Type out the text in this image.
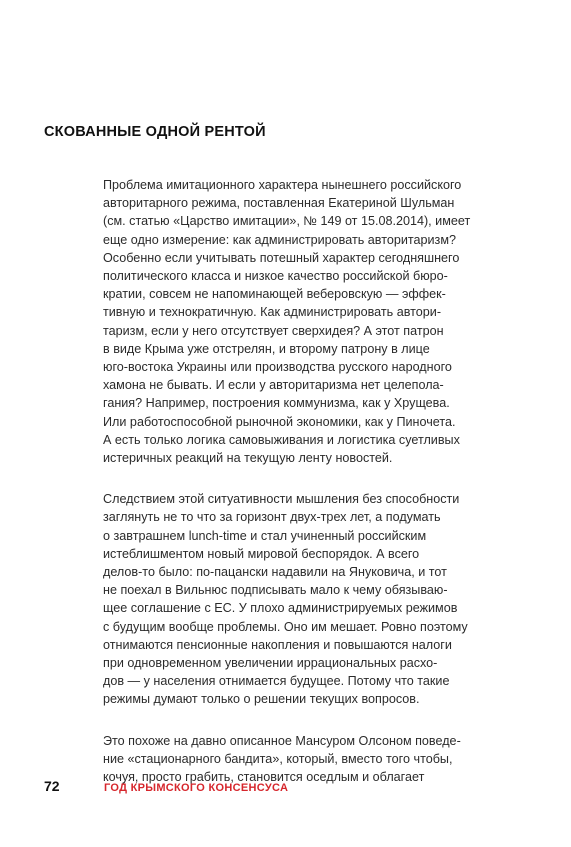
СКОВАННЫЕ ОДНОЙ РЕНТОЙ

Проблема имитационного характера нынешнего российского
авторитарного режима, поставленная Екатериной Шульман
(см. статью «Царство имитации», № 149 от 15.08.2014), имеет
еще одно измерение: как администрировать авторитаризм?
Особенно если учитывать потешный характер сегодняшнего
политического класса и низкое качество российской бюро-
кратии, совсем не напоминающей веберовскую — эффек-
тивную и технократичную. Как администрировать автори-
таризм, если у него отсутствует сверхидея? А этот патрон
в виде Крыма уже отстрелян, и второму патрону в лице
юго-востока Украины или производства русского народного
хамона не бывать. И если у авторитаризма нет целепола-
гания? Например, построения коммунизма, как у Хрущева.
Или работоспособной рыночной экономики, как у Пиночета.
А есть только логика самовыживания и логистика суетливых
истеричных реакций на текущую ленту новостей.

Следствием этой ситуативности мышления без способности
заглянуть не то что за горизонт двух-трех лет, а подумать
о завтрашнем lunch-time и стал учиненный российским
истеблишментом новый мировой беспорядок. А всего
делов-то было: по-пацански надавили на Януковича, и тот
не поехал в Вильнюс подписывать мало к чему обязываю-
щее соглашение с ЕС. У плохо администрируемых режимов
с будущим вообще проблемы. Оно им мешает. Ровно поэтому
отнимаются пенсионные накопления и повышаются налоги
при одновременном увеличении иррациональных расхо-
дов — у населения отнимается будущее. Потому что такие
режимы думают только о решении текущих вопросов.

Это похоже на давно описанное Мансуром Олсоном поведе-
ние «стационарного бандита», который, вместо того чтобы,
кочуя, просто грабить, становится оседлым и облагает

72	ГОД КРЫМСКОГО КОНСЕНСУСА
